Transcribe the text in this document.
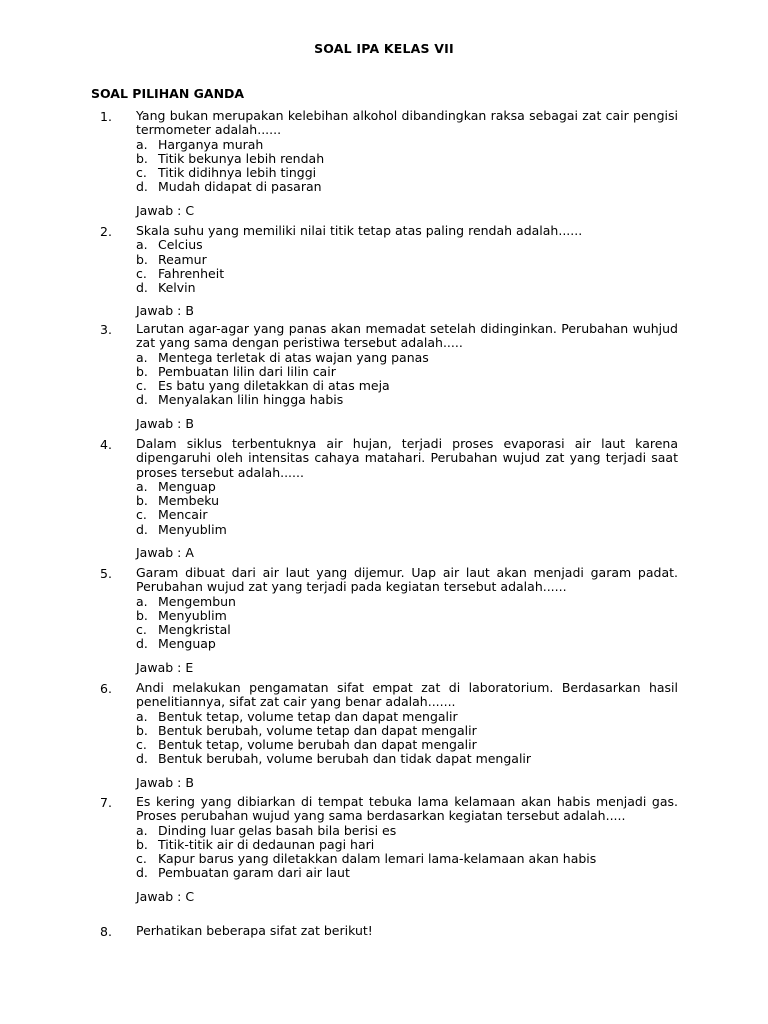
SOAL IPA KELAS VII
SOAL PILIHAN GANDA
1. Yang bukan merupakan kelebihan alkohol dibandingkan raksa sebagai zat cair pengisi termometer adalah......
a. Harganya murah
b. Titik bekunya lebih rendah
c. Titik didihnya lebih tinggi
d. Mudah didapat di pasaran
Jawab : C
2. Skala suhu yang memiliki nilai titik tetap atas paling rendah adalah......
a. Celcius
b. Reamur
c. Fahrenheit
d. Kelvin
Jawab : B
3. Larutan agar-agar yang panas akan memadat setelah didinginkan. Perubahan wuhjud zat yang sama dengan peristiwa tersebut adalah.....
a. Mentega terletak di atas wajan yang panas
b. Pembuatan lilin dari lilin cair
c. Es batu yang diletakkan di atas meja
d. Menyalakan lilin hingga habis
Jawab : B
4. Dalam siklus terbentuknya air hujan, terjadi proses evaporasi air laut karena dipengaruhi oleh intensitas cahaya matahari. Perubahan wujud zat yang terjadi saat proses tersebut adalah......
a. Menguap
b. Membeku
c. Mencair
d. Menyublim
Jawab : A
5. Garam dibuat dari air laut yang dijemur. Uap air laut akan menjadi garam padat. Perubahan wujud zat yang terjadi pada kegiatan tersebut adalah......
a. Mengembun
b. Menyublim
c. Mengkristal
d. Menguap
Jawab : E
6. Andi melakukan pengamatan sifat empat zat di laboratorium. Berdasarkan hasil penelitiannya, sifat zat cair yang benar adalah.......
a. Bentuk tetap, volume tetap dan dapat mengalir
b. Bentuk berubah, volume tetap dan dapat mengalir
c. Bentuk tetap, volume berubah dan dapat mengalir
d. Bentuk berubah, volume berubah dan tidak dapat mengalir
Jawab : B
7. Es kering yang dibiarkan di tempat tebuka lama kelamaan akan habis menjadi gas. Proses perubahan wujud yang sama berdasarkan kegiatan tersebut adalah.....
a. Dinding luar gelas basah bila berisi es
b. Titik-titik air di dedaunan pagi hari
c. Kapur barus yang diletakkan dalam lemari lama-kelamaan akan habis
d. Pembuatan garam dari air laut
Jawab : C
8. Perhatikan beberapa sifat zat berikut!
